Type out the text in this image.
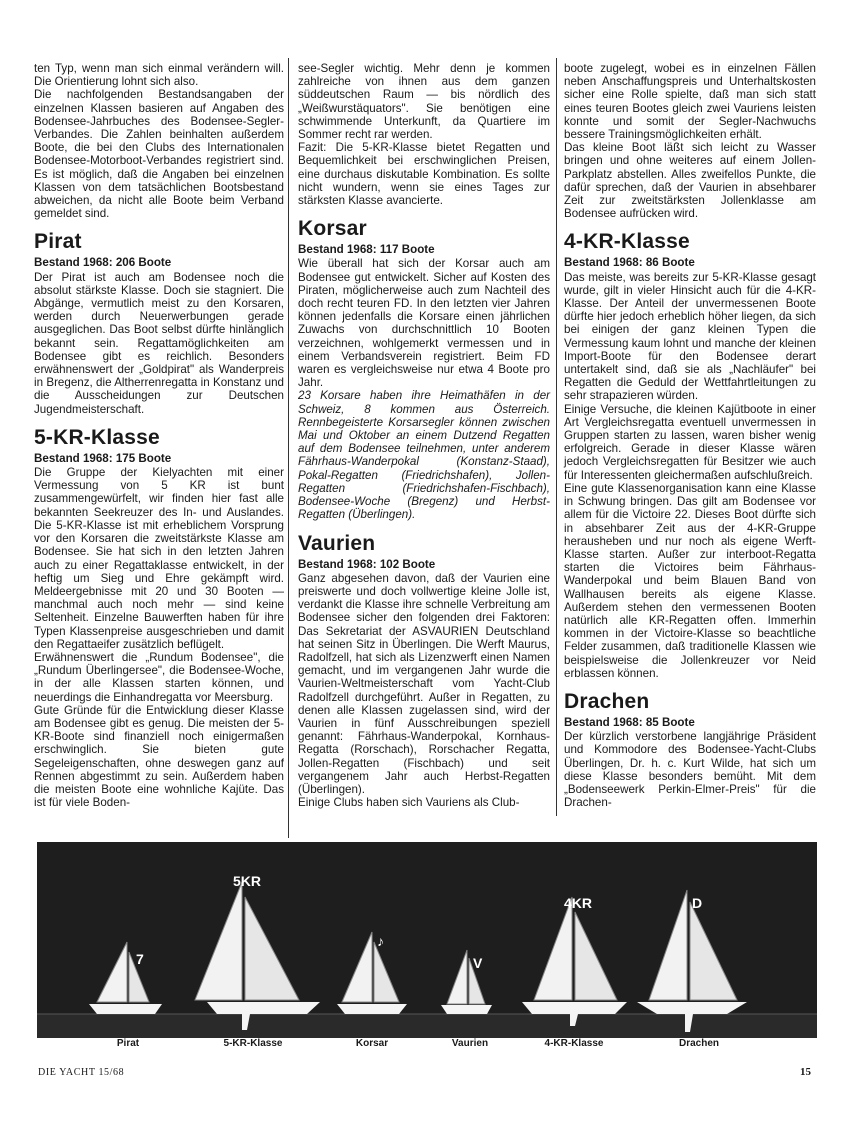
ten Typ, wenn man sich einmal verändern will. Die Orientierung lohnt sich also.

Die nachfolgenden Bestandsangaben der einzelnen Klassen basieren auf Angaben des Bodensee-Jahrbuches des Bodensee-Segler-Verbandes. Die Zahlen beinhalten außerdem Boote, die bei den Clubs des Internationalen Bodensee-Motorboot-Verbandes registriert sind. Es ist möglich, daß die Angaben bei einzelnen Klassen von dem tatsächlichen Bootsbestand abweichen, da nicht alle Boote beim Verband gemeldet sind.

Pirat
Bestand 1968: 206 Boote

Der Pirat ist auch am Bodensee noch die absolut stärkste Klasse. Doch sie stagniert. Die Abgänge, vermutlich meist zu den Korsaren, werden durch Neuerwerbungen gerade ausgeglichen. Das Boot selbst dürfte hinlänglich bekannt sein. Regattamöglichkeiten am Bodensee gibt es reichlich. Besonders erwähnenswert der „Goldpirat" als Wanderpreis in Bregenz, die Altherrenregatta in Konstanz und die Ausscheidungen zur Deutschen Jugendmeisterschaft.

5-KR-Klasse
Bestand 1968: 175 Boote

Die Gruppe der Kielyachten mit einer Vermessung von 5 KR ist bunt zusammengewürfelt, wir finden hier fast alle bekannten Seekreuzer des In- und Auslandes. Die 5-KR-Klasse ist mit erheblichem Vorsprung vor den Korsaren die zweitstärkste Klasse am Bodensee. Sie hat sich in den letzten Jahren auch zu einer Regattaklasse entwickelt, in der heftig um Sieg und Ehre gekämpft wird. Meldeergebnisse mit 20 und 30 Booten — manchmal auch noch mehr — sind keine Seltenheit. Einzelne Bauwerften haben für ihre Typen Klassenpreise ausgeschrieben und damit den Regattaeifer zusätzlich beflügelt.

Erwähnenswert die „Rundum Bodensee", die „Rundum Überlingersee", die Bodensee-Woche, in der alle Klassen starten können, und neuerdings die Einhandregatta vor Meersburg.

Gute Gründe für die Entwicklung dieser Klasse am Bodensee gibt es genug. Die meisten der 5-KR-Boote sind finanziell noch einigermaßen erschwinglich. Sie bieten gute Segeleigenschaften, ohne deswegen ganz auf Rennen abgestimmt zu sein. Außerdem haben die meisten Boote eine wohnliche Kajüte. Das ist für viele Boden-

see-Segler wichtig. Mehr denn je kommen zahlreiche von ihnen aus dem ganzen süddeutschen Raum — bis nördlich des „Weißwurstäquators". Sie benötigen eine schwimmende Unterkunft, da Quartiere im Sommer recht rar werden.

Fazit: Die 5-KR-Klasse bietet Regatten und Bequemlichkeit bei erschwinglichen Preisen, eine durchaus diskutable Kombination. Es sollte nicht wundern, wenn sie eines Tages zur stärksten Klasse avancierte.

Korsar
Bestand 1968: 117 Boote

Wie überall hat sich der Korsar auch am Bodensee gut entwickelt. Sicher auf Kosten des Piraten, möglicherweise auch zum Nachteil des doch recht teuren FD. In den letzten vier Jahren können jedenfalls die Korsare einen jährlichen Zuwachs von durchschnittlich 10 Booten verzeichnen, wohlgemerkt vermessen und in einem Verbandsverein registriert. Beim FD waren es vergleichsweise nur etwa 4 Boote pro Jahr.

23 Korsare haben ihre Heimathäfen in der Schweiz, 8 kommen aus Österreich. Rennbegeisterte Korsarsegler können zwischen Mai und Oktober an einem Dutzend Regatten auf dem Bodensee teilnehmen, unter anderem Fährhaus-Wanderpokal (Konstanz-Staad), Pokal-Regatten (Friedrichshafen), Jollen-Regatten (Friedrichshafen-Fischbach), Bodensee-Woche (Bregenz) und Herbst-Regatten (Überlingen).

Vaurien
Bestand 1968: 102 Boote

Ganz abgesehen davon, daß der Vaurien eine preiswerte und doch vollwertige kleine Jolle ist, verdankt die Klasse ihre schnelle Verbreitung am Bodensee sicher den folgenden drei Faktoren: Das Sekretariat der ASVAURIEN Deutschland hat seinen Sitz in Überlingen. Die Werft Maurus, Radolfzell, hat sich als Lizenzwerft einen Namen gemacht, und im vergangenen Jahr wurde die Vaurien-Weltmeisterschaft vom Yacht-Club Radolfzell durchgeführt. Außer in Regatten, zu denen alle Klassen zugelassen sind, wird der Vaurien in fünf Ausschreibungen speziell genannt: Fährhaus-Wanderpokal, Kornhaus-Regatta (Rorschach), Rorschacher Regatta, Jollen-Regatten (Fischbach) und seit vergangenem Jahr auch Herbst-Regatten (Überlingen).

Einige Clubs haben sich Vauriens als Club-

boote zugelegt, wobei es in einzelnen Fällen neben Anschaffungspreis und Unterhaltskosten sicher eine Rolle spielte, daß man sich statt eines teuren Bootes gleich zwei Vauriens leisten konnte und somit der Segler-Nachwuchs bessere Trainingsmöglichkeiten erhält.

Das kleine Boot läßt sich leicht zu Wasser bringen und ohne weiteres auf einem Jollen-Parkplatz abstellen. Alles zweifellos Punkte, die dafür sprechen, daß der Vaurien in absehbarer Zeit zur zweitstärksten Jollenklasse am Bodensee aufrücken wird.

4-KR-Klasse
Bestand 1968: 86 Boote

Das meiste, was bereits zur 5-KR-Klasse gesagt wurde, gilt in vieler Hinsicht auch für die 4-KR-Klasse. Der Anteil der unvermessenen Boote dürfte hier jedoch erheblich höher liegen, da sich bei einigen der ganz kleinen Typen die Vermessung kaum lohnt und manche der kleinen Import-Boote für den Bodensee derart untertakelt sind, daß sie als „Nachläufer" bei Regatten die Geduld der Wettfahrtleitungen zu sehr strapazieren würden.

Einige Versuche, die kleinen Kajütboote in einer Art Vergleichsregatta eventuell unvermessen in Gruppen starten zu lassen, waren bisher wenig erfolgreich. Gerade in dieser Klasse wären jedoch Vergleichsregatten für Besitzer wie auch für Interessenten gleichermaßen aufschlußreich.

Eine gute Klassenorganisation kann eine Klasse in Schwung bringen. Das gilt am Bodensee vor allem für die Victoire 22. Dieses Boot dürfte sich in absehbarer Zeit aus der 4-KR-Gruppe herausheben und nur noch als eigene Werft-Klasse starten. Außer zur interboot-Regatta starten die Victoires beim Fährhaus-Wanderpokal und beim Blauen Band von Wallhausen bereits als eigene Klasse. Außerdem stehen den vermessenen Booten natürlich alle KR-Regatten offen. Immerhin kommen in der Victoire-Klasse so beachtliche Felder zusammen, daß traditionelle Klassen wie beispielsweise die Jollenkreuzer vor Neid erblassen können.

Drachen
Bestand 1968: 85 Boote

Der kürzlich verstorbene langjährige Präsident und Kommodore des Bodensee-Yacht-Clubs Überlingen, Dr. h. c. Kurt Wilde, hat sich um diese Klasse besonders bemüht. Mit dem „Bodenseewerk Perkin-Elmer-Preis" für die Drachen-

7
5KR
♪
V
4KR	D
Pirat	5-KR-Klasse	Korsar	Vaurien	4-KR-Klasse	Drachen
DIE YACHT 15/68	15
